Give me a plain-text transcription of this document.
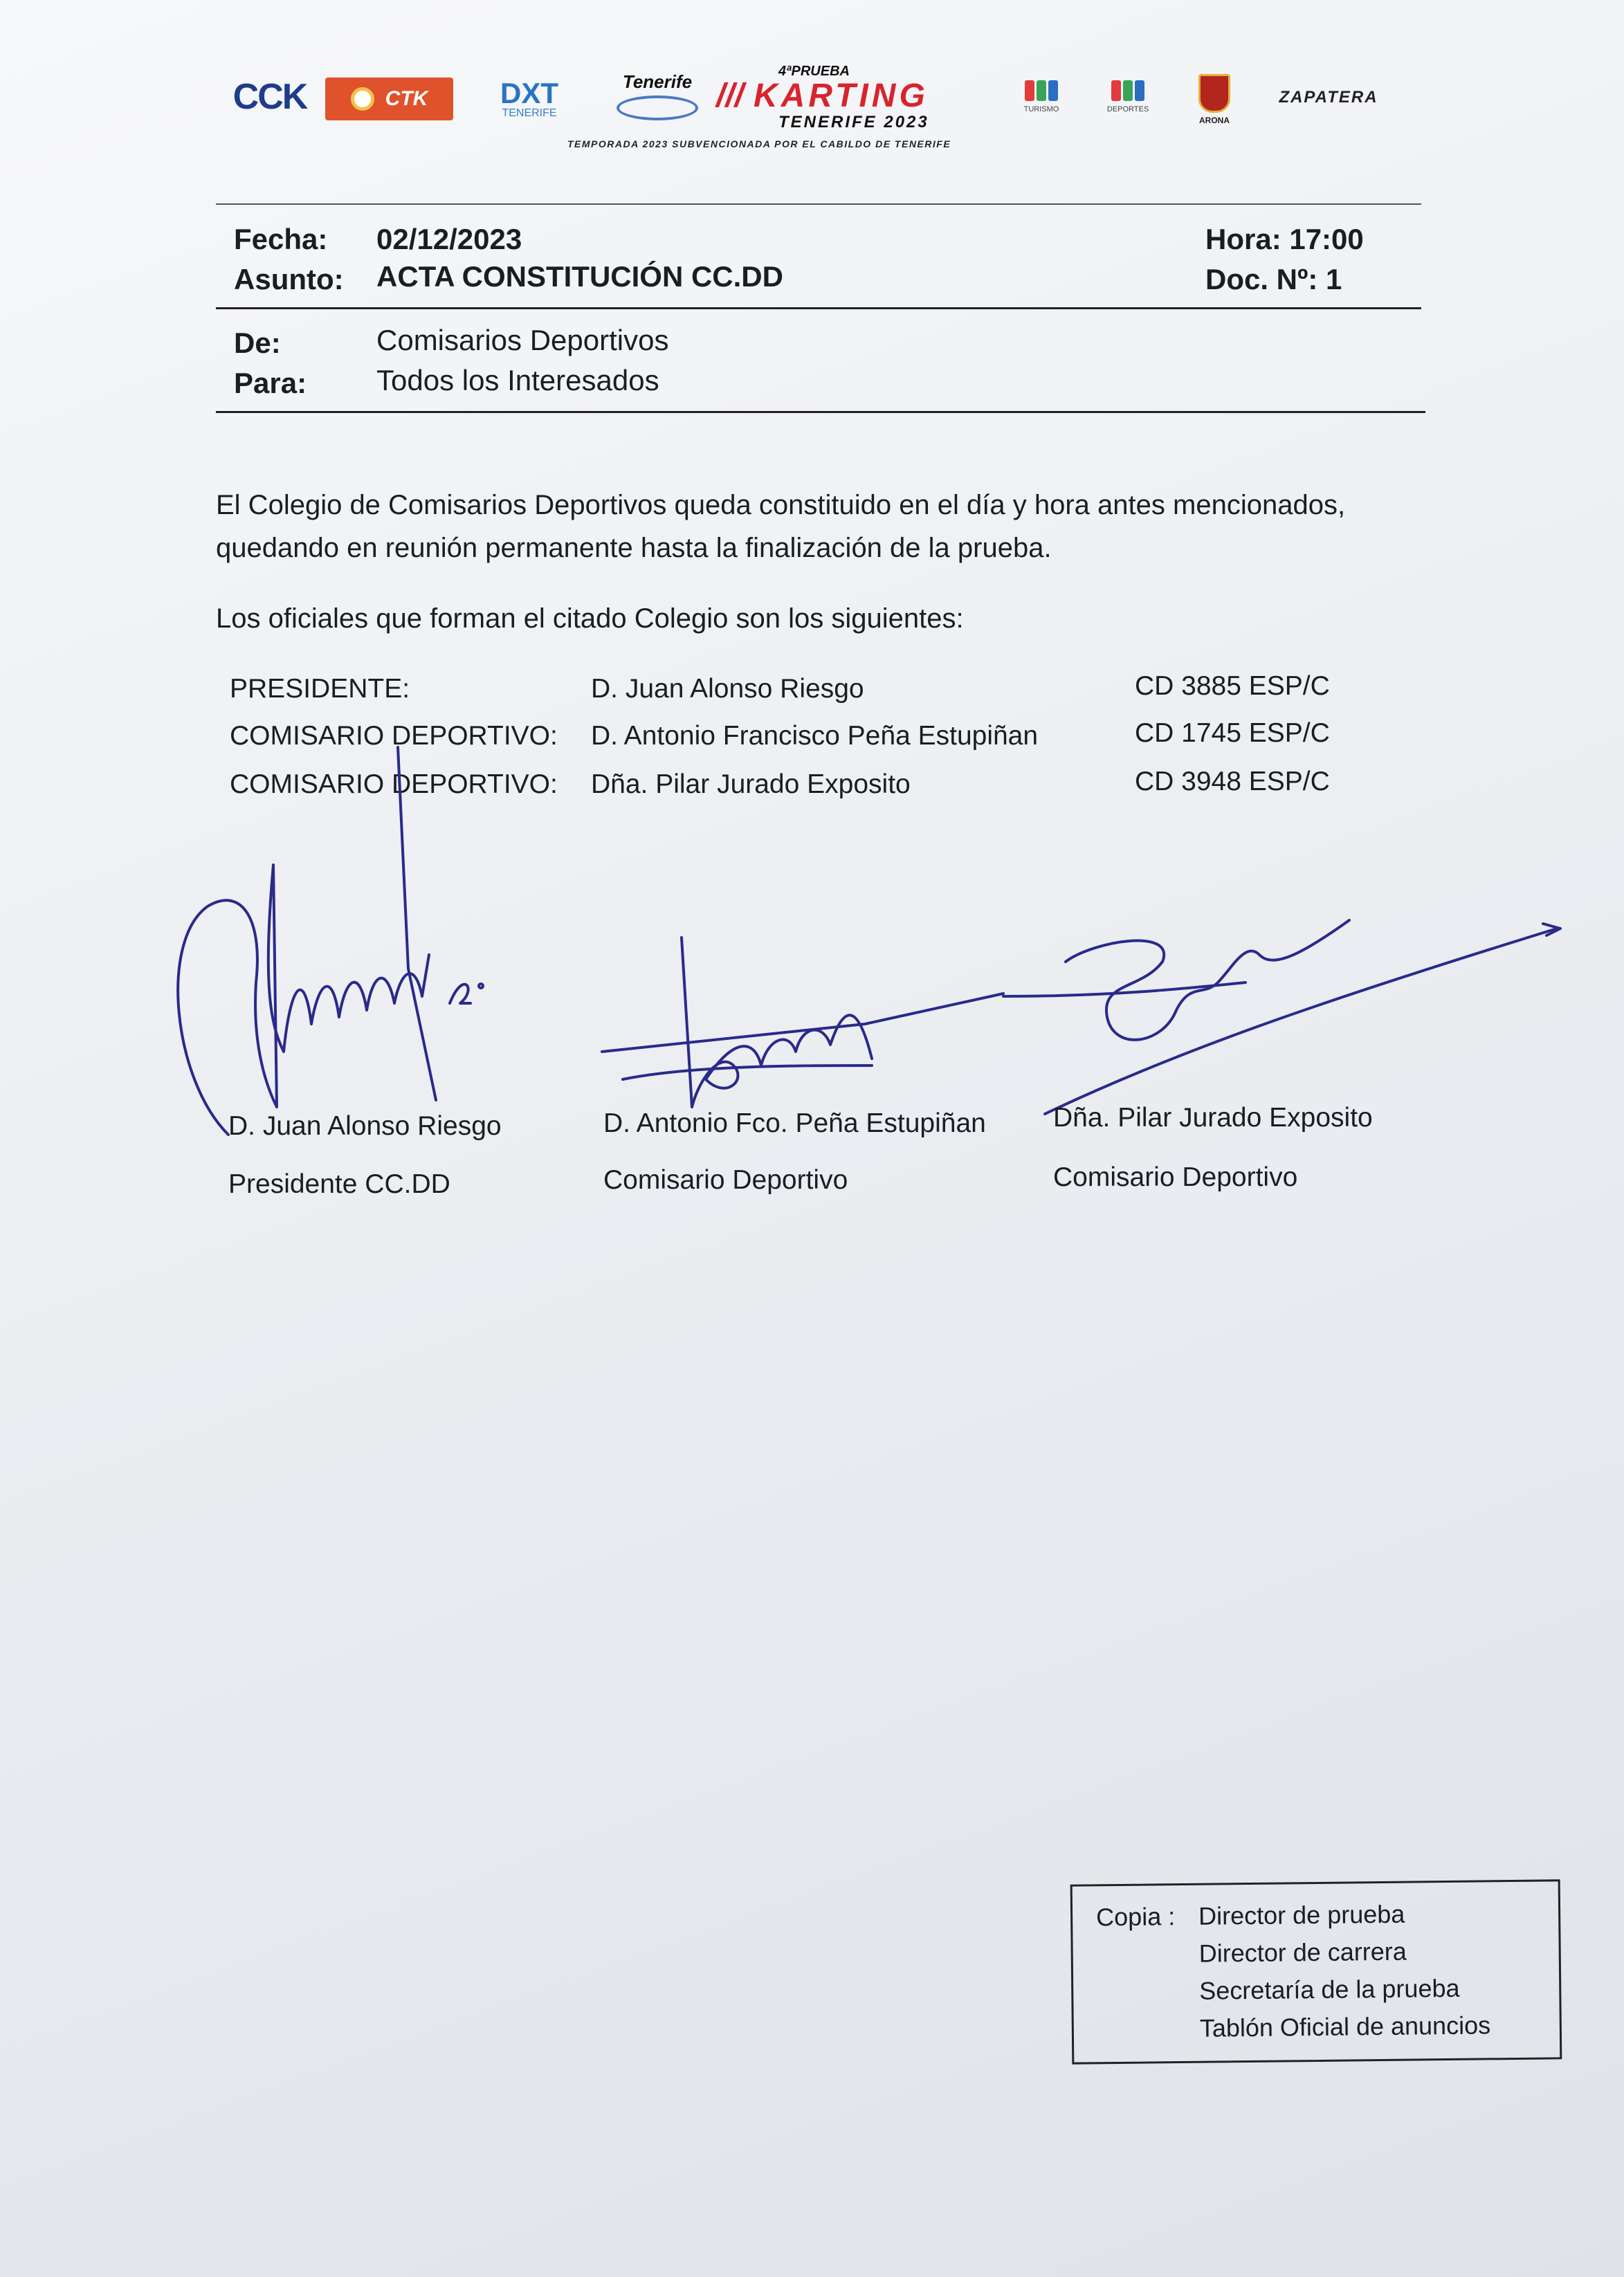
CCK	CTK DXT
TENERIFE
Tenerife	4ªPRUEBA
/// KARTING
TENERIFE 2023
TURISMO	DEPORTES
ARONA
ZAPATERA
TEMPORADA 2023 SUBVENCIONADA POR EL CABILDO DE TENERIFE
Fecha: 02/12/2023	Hora: 17:00
Asunto: ACTA CONSTITUCIÓN CC.DD	Doc. Nº: 1
De:	Comisarios Deportivos
Para: Todos los Interesados
El Colegio de Comisarios Deportivos queda constituido en el día y hora antes mencionados,
quedando en reunión permanente hasta la finalización de la prueba.
Los oficiales que forman el citado Colegio son los siguientes:
PRESIDENTE:	D. Juan Alonso Riesgo	CD 3885 ESP/C
COMISARIO DEPORTIVO: D. Antonio Francisco Peña Estupiñan	CD 1745 ESP/C
COMISARIO DEPORTIVO: Dña. Pilar Jurado Exposito	CD 3948 ESP/C
D. Juan Alonso Riesgo
Presidente CC.DD
D. Antonio Fco. Peña Estupiñan
Comisario Deportivo
Dña. Pilar Jurado Exposito
Comisario Deportivo
Copia : Director de prueba
Director de carrera
Secretaría de la prueba
Tablón Oficial de anuncios
